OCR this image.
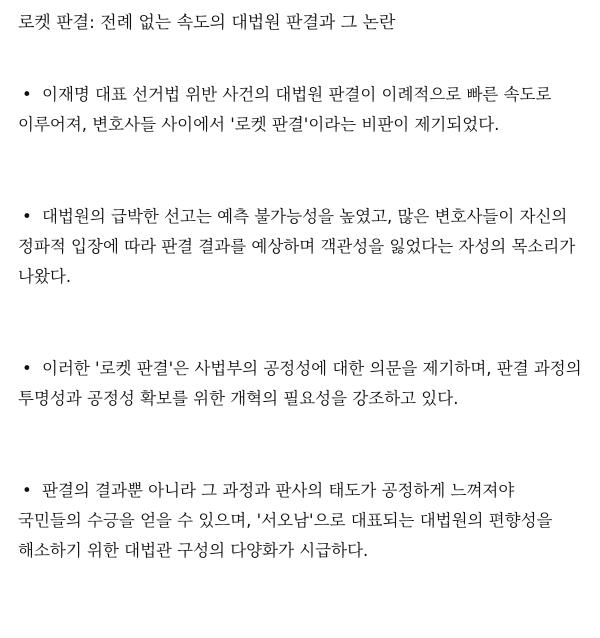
로켓 판결: 전례 없는 속도의 대법원 판결과 그 논란
• 이재명 대표 선거법 위반 사건의 대법원 판결이 이례적으로 빠른 속도로 이루어져, 변호사들 사이에서 '로켓 판결'이라는 비판이 제기되었다.
• 대법원의 급박한 선고는 예측 불가능성을 높였고, 많은 변호사들이 자신의 정파적 입장에 따라 판결 결과를 예상하며 객관성을 잃었다는 자성의 목소리가 나왔다.
• 이러한 '로켓 판결'은 사법부의 공정성에 대한 의문을 제기하며, 판결 과정의 투명성과 공정성 확보를 위한 개혁의 필요성을 강조하고 있다.
• 판결의 결과뿐 아니라 그 과정과 판사의 태도가 공정하게 느껴져야 국민들의 수긍을 얻을 수 있으며, '서오남'으로 대표되는 대법원의 편향성을 해소하기 위한 대법관 구성의 다양화가 시급하다.
